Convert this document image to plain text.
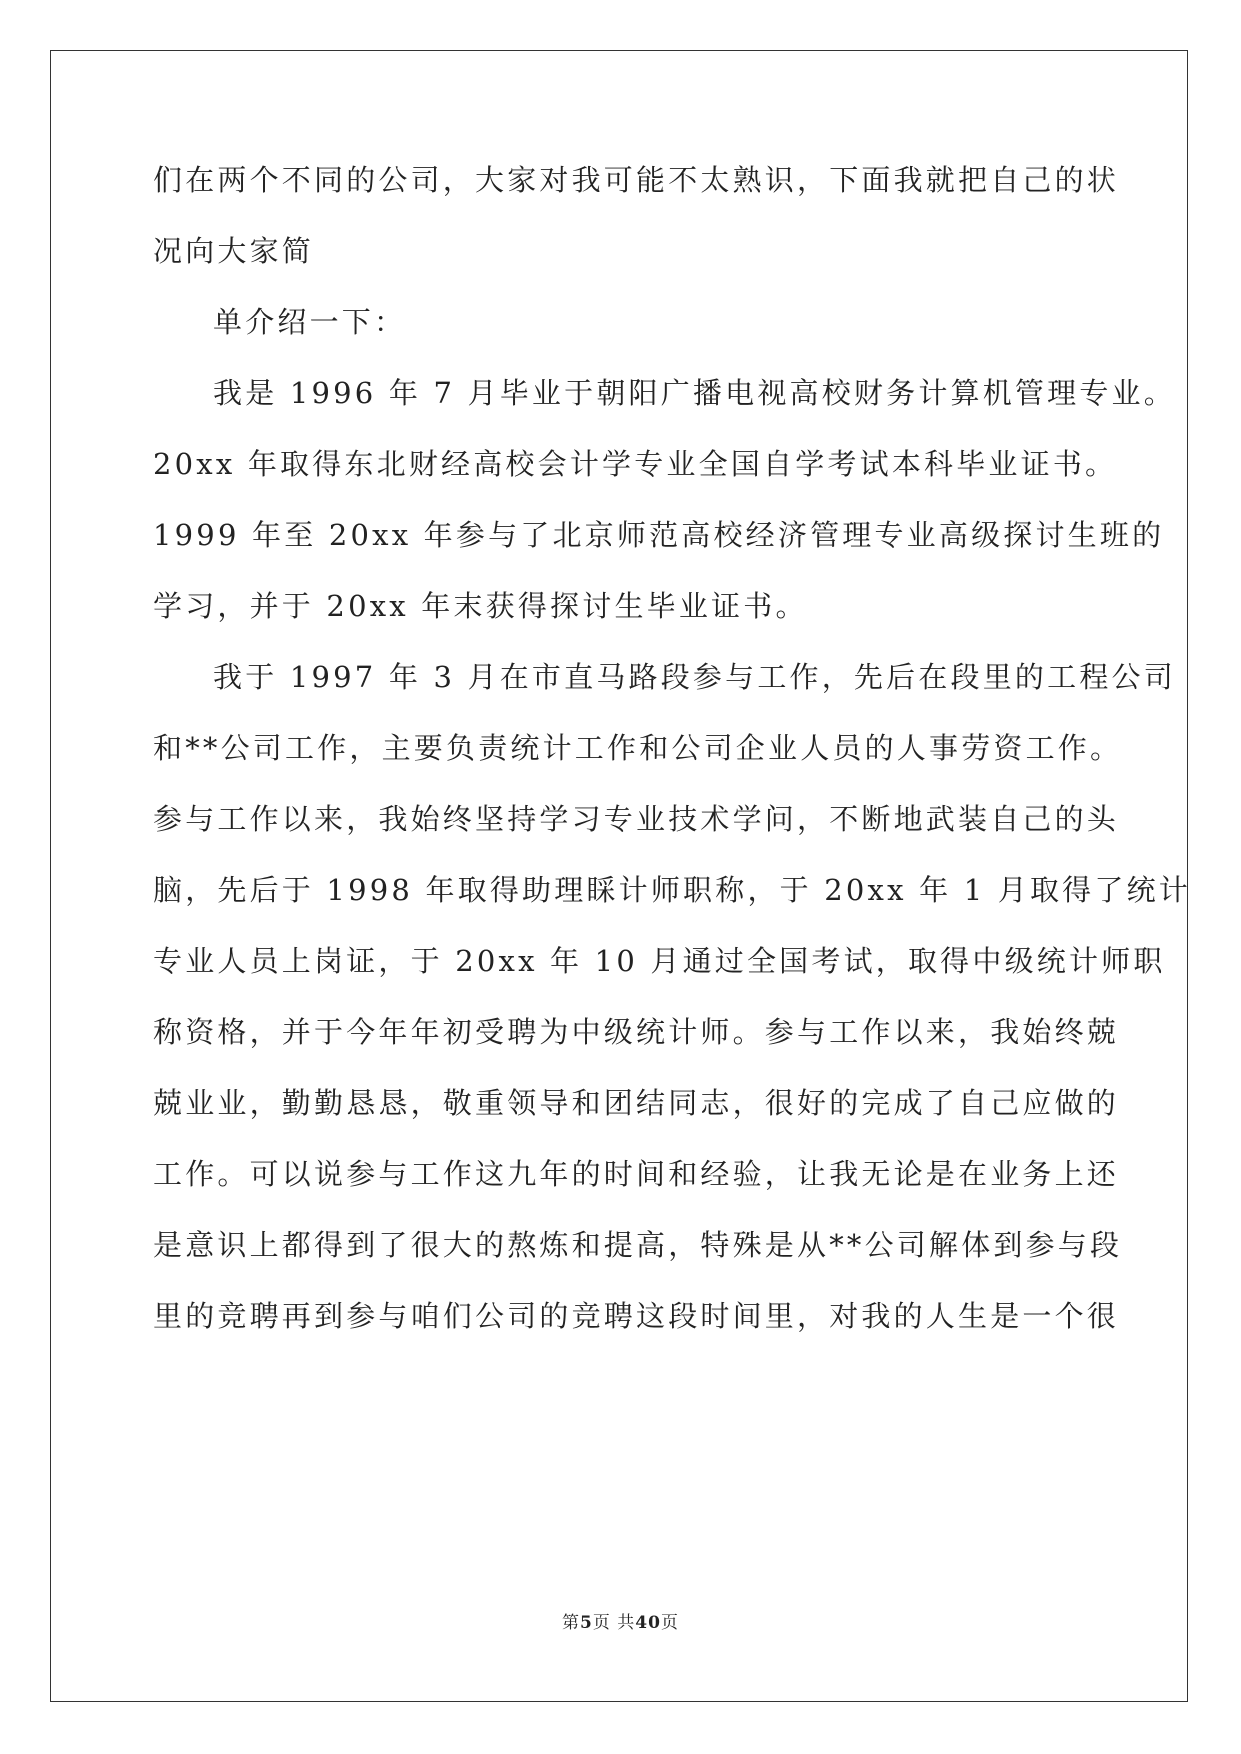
们在两个不同的公司，大家对我可能不太熟识，下面我就把自己的状
况向大家简
单介绍一下：
我是 1996 年 7 月毕业于朝阳广播电视高校财务计算机管理专业。
20xx 年取得东北财经高校会计学专业全国自学考试本科毕业证书。
1999 年至 20xx 年参与了北京师范高校经济管理专业高级探讨生班的
学习，并于 20xx 年末获得探讨生毕业证书。
我于 1997 年 3 月在市直马路段参与工作，先后在段里的工程公司
和**公司工作，主要负责统计工作和公司企业人员的人事劳资工作。
参与工作以来，我始终坚持学习专业技术学问，不断地武装自己的头
脑，先后于 1998 年取得助理睬计师职称，于 20xx 年 1 月取得了统计
专业人员上岗证，于 20xx 年 10 月通过全国考试，取得中级统计师职
称资格，并于今年年初受聘为中级统计师。参与工作以来，我始终兢
兢业业，勤勤恳恳，敬重领导和团结同志，很好的完成了自己应做的
工作。可以说参与工作这九年的时间和经验，让我无论是在业务上还
是意识上都得到了很大的熬炼和提高，特殊是从**公司解体到参与段
里的竞聘再到参与咱们公司的竞聘这段时间里，对我的人生是一个很
第5页 共40页
